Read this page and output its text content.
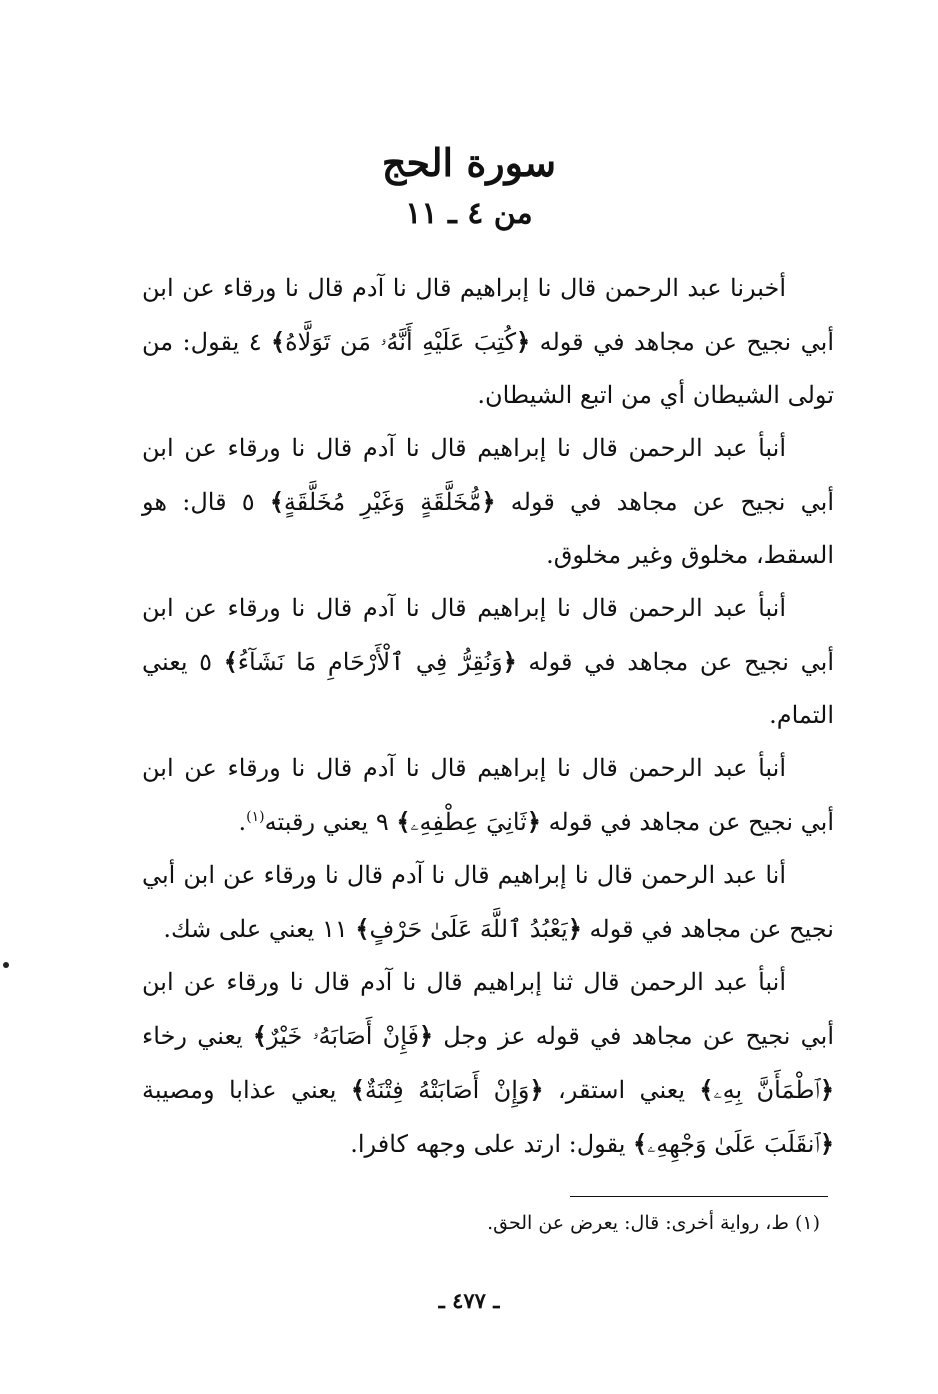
سورة الحج
من ٤ ـ ١١

أخبرنا عبد الرحمن قال نا إبراهيم قال نا آدم قال نا ورقاء عن ابن أبي نجيح عن مجاهد في قوله ﴿كُتِبَ عَلَيْهِ أَنَّهُۥ مَن تَوَلَّاهُ﴾ ٤ يقول: من تولى الشيطان أي من اتبع الشيطان.

أنبأ عبد الرحمن قال نا إبراهيم قال نا آدم قال نا ورقاء عن ابن أبي نجيح عن مجاهد في قوله ﴿مُّخَلَّقَةٍ وَغَيْرِ مُخَلَّقَةٍ﴾ ٥ قال: هو السقط، مخلوق وغير مخلوق.

أنبأ عبد الرحمن قال نا إبراهيم قال نا آدم قال نا ورقاء عن ابن أبي نجيح عن مجاهد في قوله ﴿وَنُقِرُّ فِي ٱلْأَرْحَامِ مَا نَشَآءُ﴾ ٥ يعني التمام.

أنبأ عبد الرحمن قال نا إبراهيم قال نا آدم قال نا ورقاء عن ابن أبي نجيح عن مجاهد في قوله ﴿ثَانِيَ عِطْفِهِۦ﴾ ٩ يعني رقبته$^{(١)}$.

أنا عبد الرحمن قال نا إبراهيم قال نا آدم قال نا ورقاء عن ابن أبي نجيح عن مجاهد في قوله ﴿يَعْبُدُ ٱللَّهَ عَلَىٰ حَرْفٍ﴾ ١١ يعني على شك.

أنبأ عبد الرحمن قال ثنا إبراهيم قال نا آدم قال نا ورقاء عن ابن أبي نجيح عن مجاهد في قوله عز وجل ﴿فَإِنْ أَصَابَهُۥ خَيْرٌ﴾ يعني رخاء ﴿ٱطْمَأَنَّ بِهِۦ﴾ يعني استقر، ﴿وَإِنْ أَصَابَتْهُ فِتْنَةٌ﴾ يعني عذابا ومصيبة ﴿ٱنقَلَبَ عَلَىٰ وَجْهِهِۦ﴾ يقول: ارتد على وجهه كافرا.

(١) ط، رواية أخرى: قال: يعرض عن الحق.

ـ ٤٧٧ ـ
